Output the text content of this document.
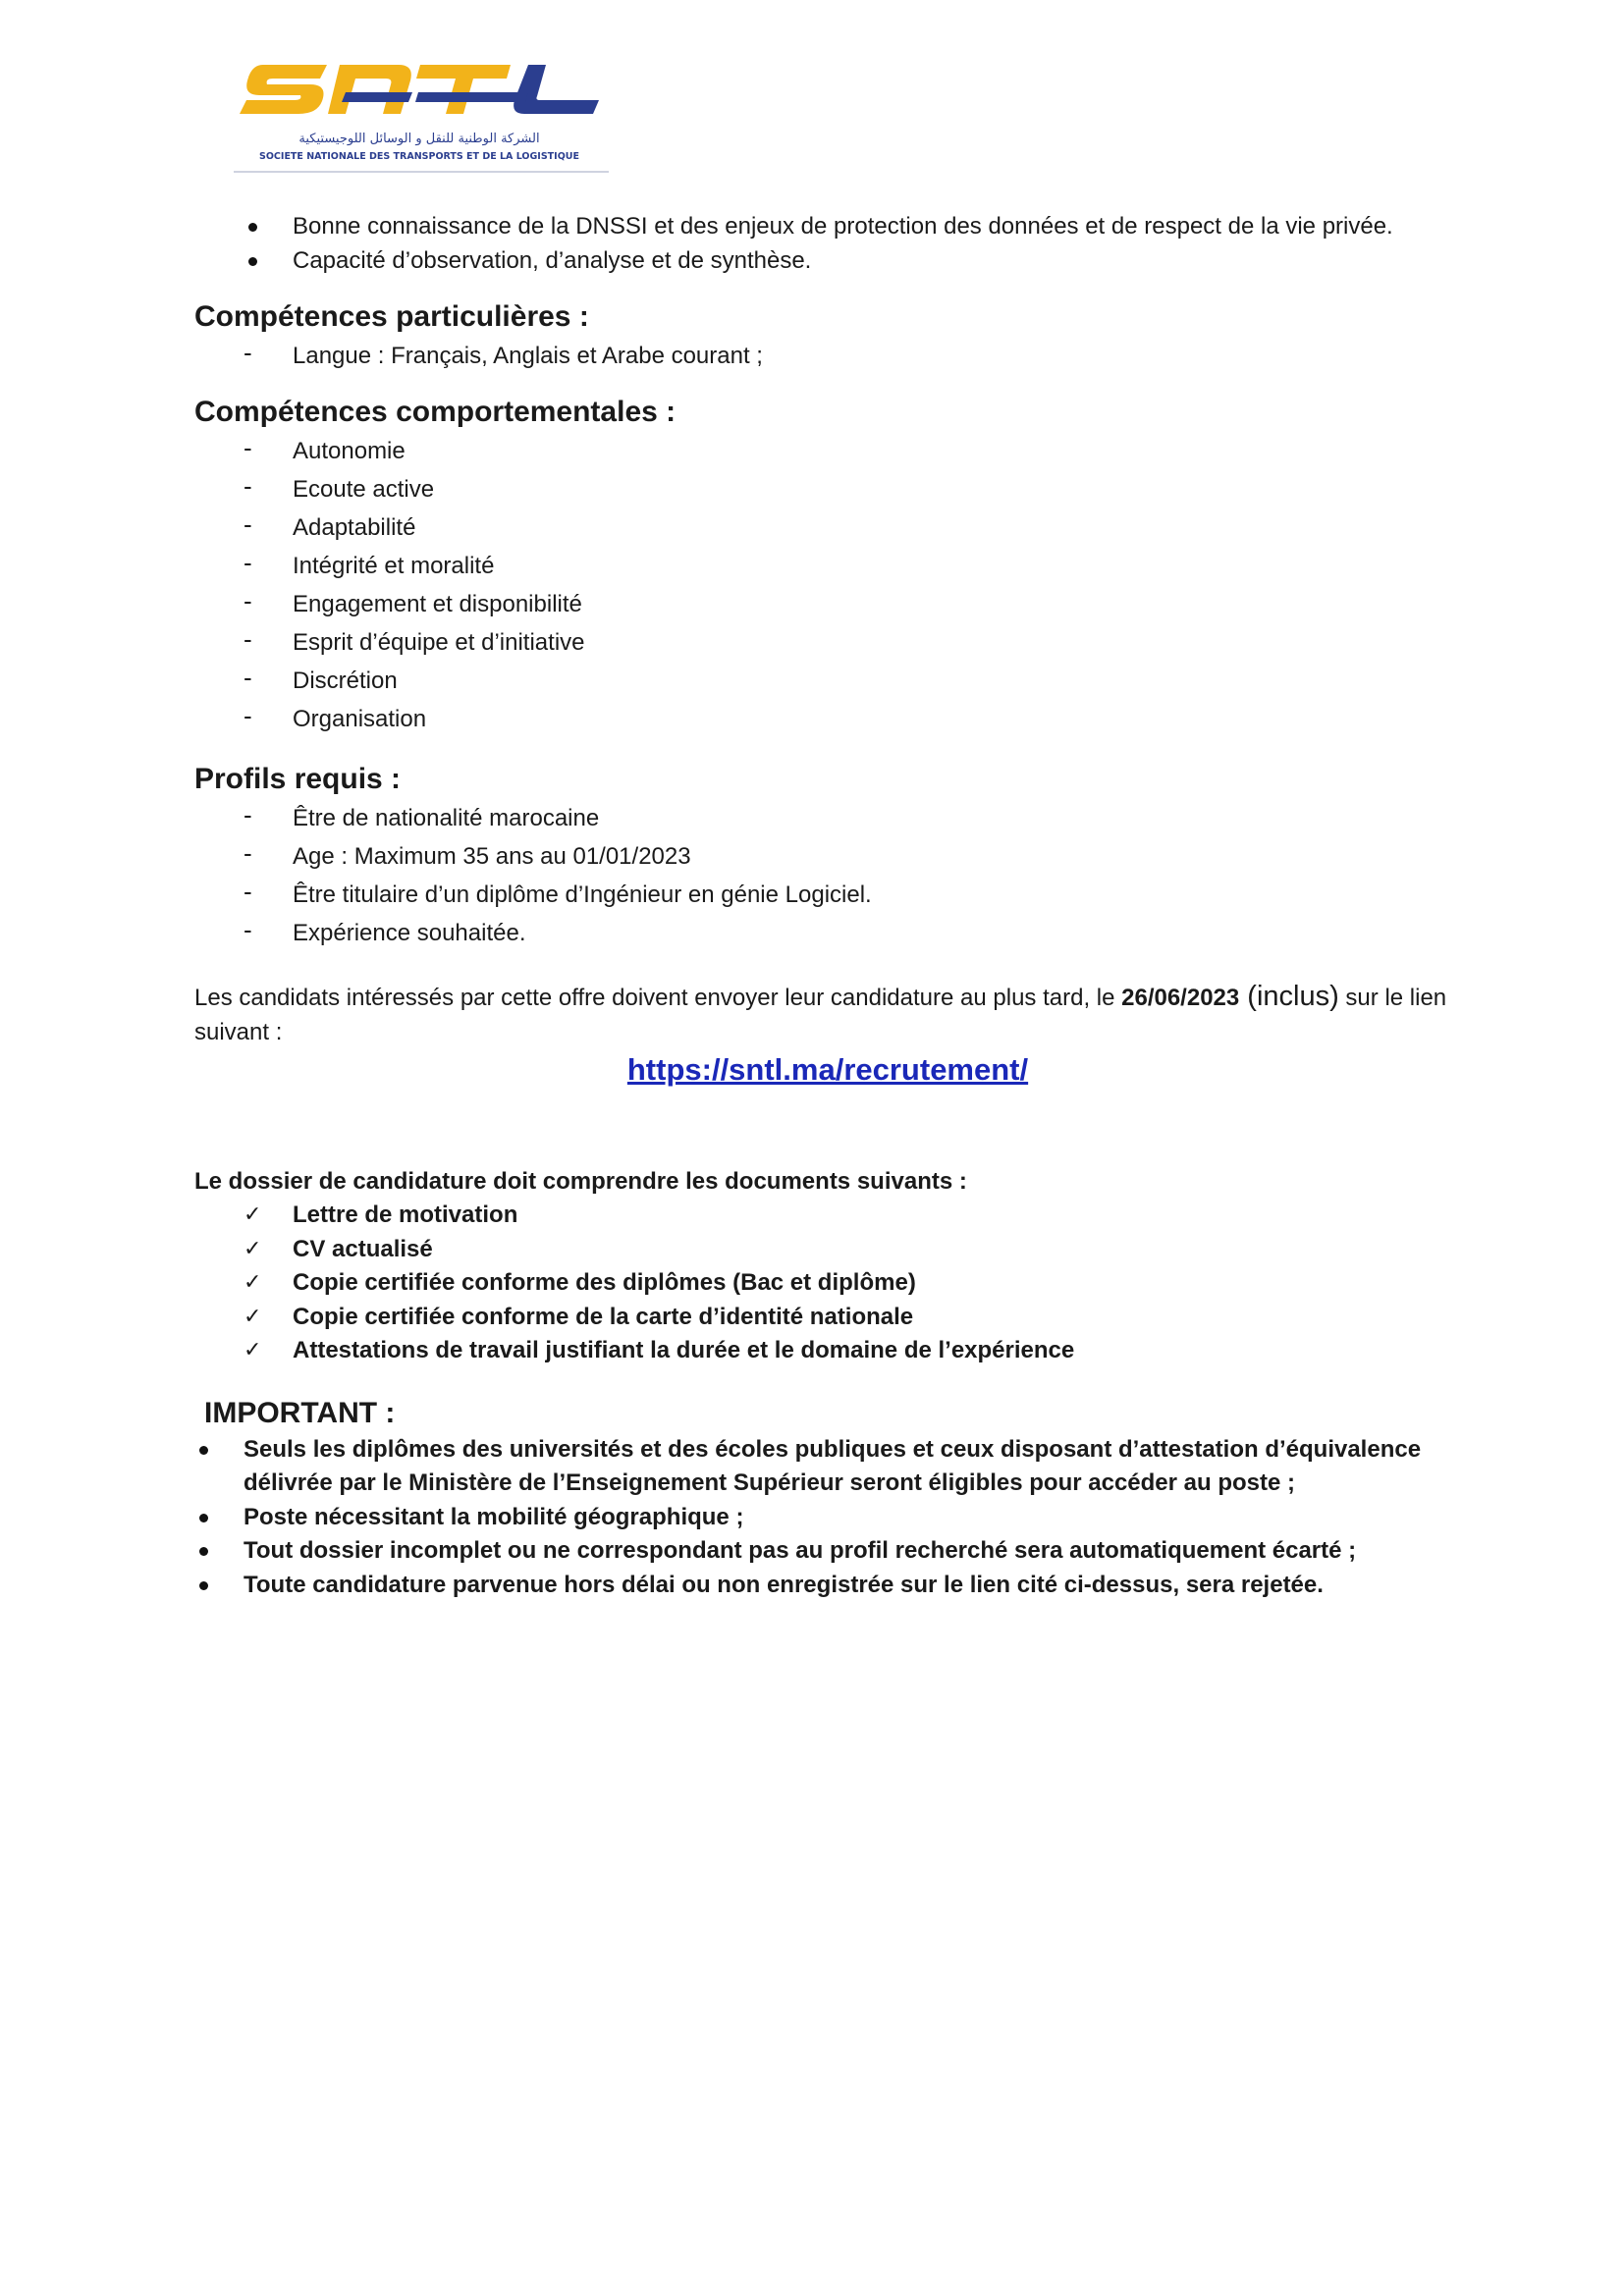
الشركة الوطنية للنقل و الوسائل اللوجيستيكية
SOCIETE NATIONALE DES TRANSPORTS ET DE LA LOGISTIQUE
Bonne connaissance de la DNSSI et des enjeux de protection des données et de respect de la vie privée.
Capacité d’observation, d’analyse et de synthèse.
Compétences particulières :
- Langue : Français, Anglais et Arabe courant ;
Compétences comportementales :
- Autonomie
- Ecoute active
- Adaptabilité
- Intégrité et moralité
- Engagement et disponibilité
- Esprit d’équipe et d’initiative
- Discrétion
- Organisation
Profils requis :
- Être de nationalité marocaine
- Age : Maximum 35 ans au 01/01/2023
- Être titulaire d’un diplôme d’Ingénieur en génie Logiciel.
- Expérience souhaitée.

Les candidats intéressés par cette offre doivent envoyer leur candidature au plus tard, le 26/06/2023 (inclus) sur le lien suivant :

https://sntl.ma/recrutement/

Le dossier de candidature doit comprendre les documents suivants :

✓ Lettre de motivation
✓ CV actualisé
✓ Copie certifiée conforme des diplômes (Bac et diplôme)
✓ Copie certifiée conforme de la carte d’identité nationale
✓ Attestations de travail justifiant la durée et le domaine de l’expérience
IMPORTANT :
Seuls les diplômes des universités et des écoles publiques et ceux disposant d’attestation d’équivalence délivrée par le Ministère de l’Enseignement Supérieur seront éligibles pour accéder au poste ;
Poste nécessitant la mobilité géographique ;
Tout dossier incomplet ou ne correspondant pas au profil recherché sera automatiquement écarté ;
Toute candidature parvenue hors délai ou non enregistrée sur le lien cité ci-dessus, sera rejetée.
